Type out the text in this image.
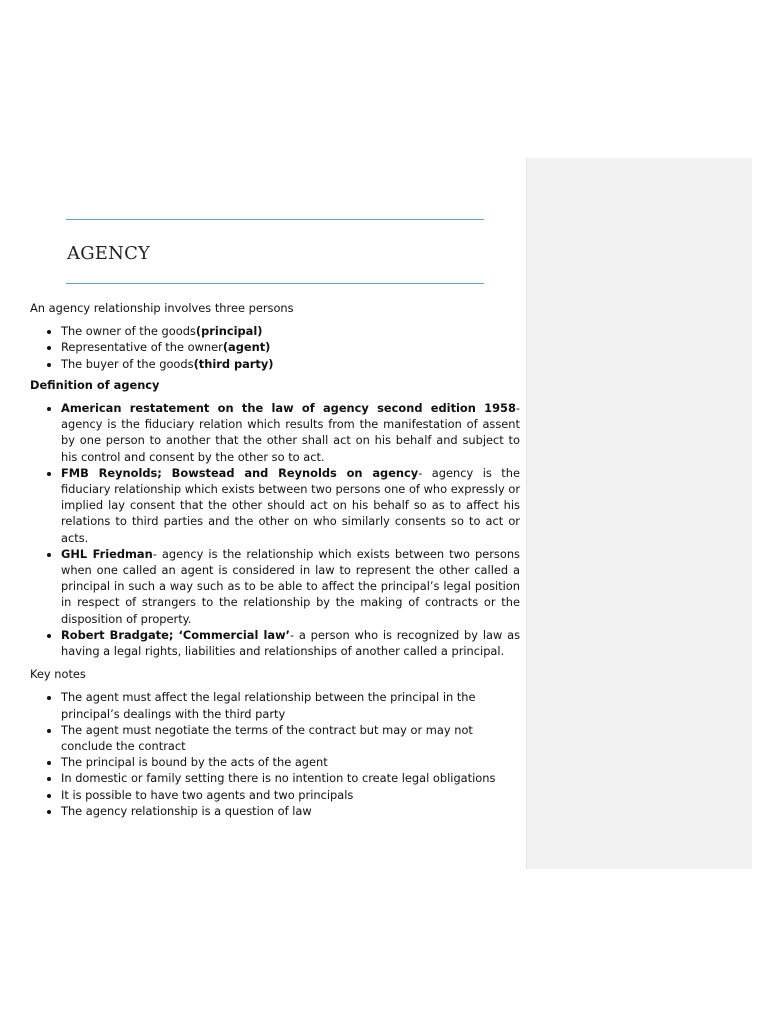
AGENCY

An agency relationship involves three persons

• The owner of the goods(principal)
• Representative of the owner(agent)
• The buyer of the goods(third party)

Definition of agency

• American restatement on the law of agency second edition 1958-agency is the fiduciary relation which results from the manifestation of assent by one person to another that the other shall act on his behalf and subject to his control and consent by the other so to act.
• FMB Reynolds; Bowstead and Reynolds on agency- agency is the fiduciary relationship which exists between two persons one of who expressly or implied lay consent that the other should act on his behalf so as to affect his relations to third parties and the other on who similarly consents so to act or acts.
• GHL Friedman- agency is the relationship which exists between two persons when one called an agent is considered in law to represent the other called a principal in such a way such as to be able to affect the principal’s legal position in respect of strangers to the relationship by the making of contracts or the disposition of property.
• Robert Bradgate; ‘Commercial law’- a person who is recognized by law as having a legal rights, liabilities and relationships of another called a principal.

Key notes

• The agent must affect the legal relationship between the principal in the principal’s dealings with the third party
• The agent must negotiate the terms of the contract but may or may not conclude the contract
• The principal is bound by the acts of the agent
• In domestic or family setting there is no intention to create legal obligations
• It is possible to have two agents and two principals
• The agency relationship is a question of law
